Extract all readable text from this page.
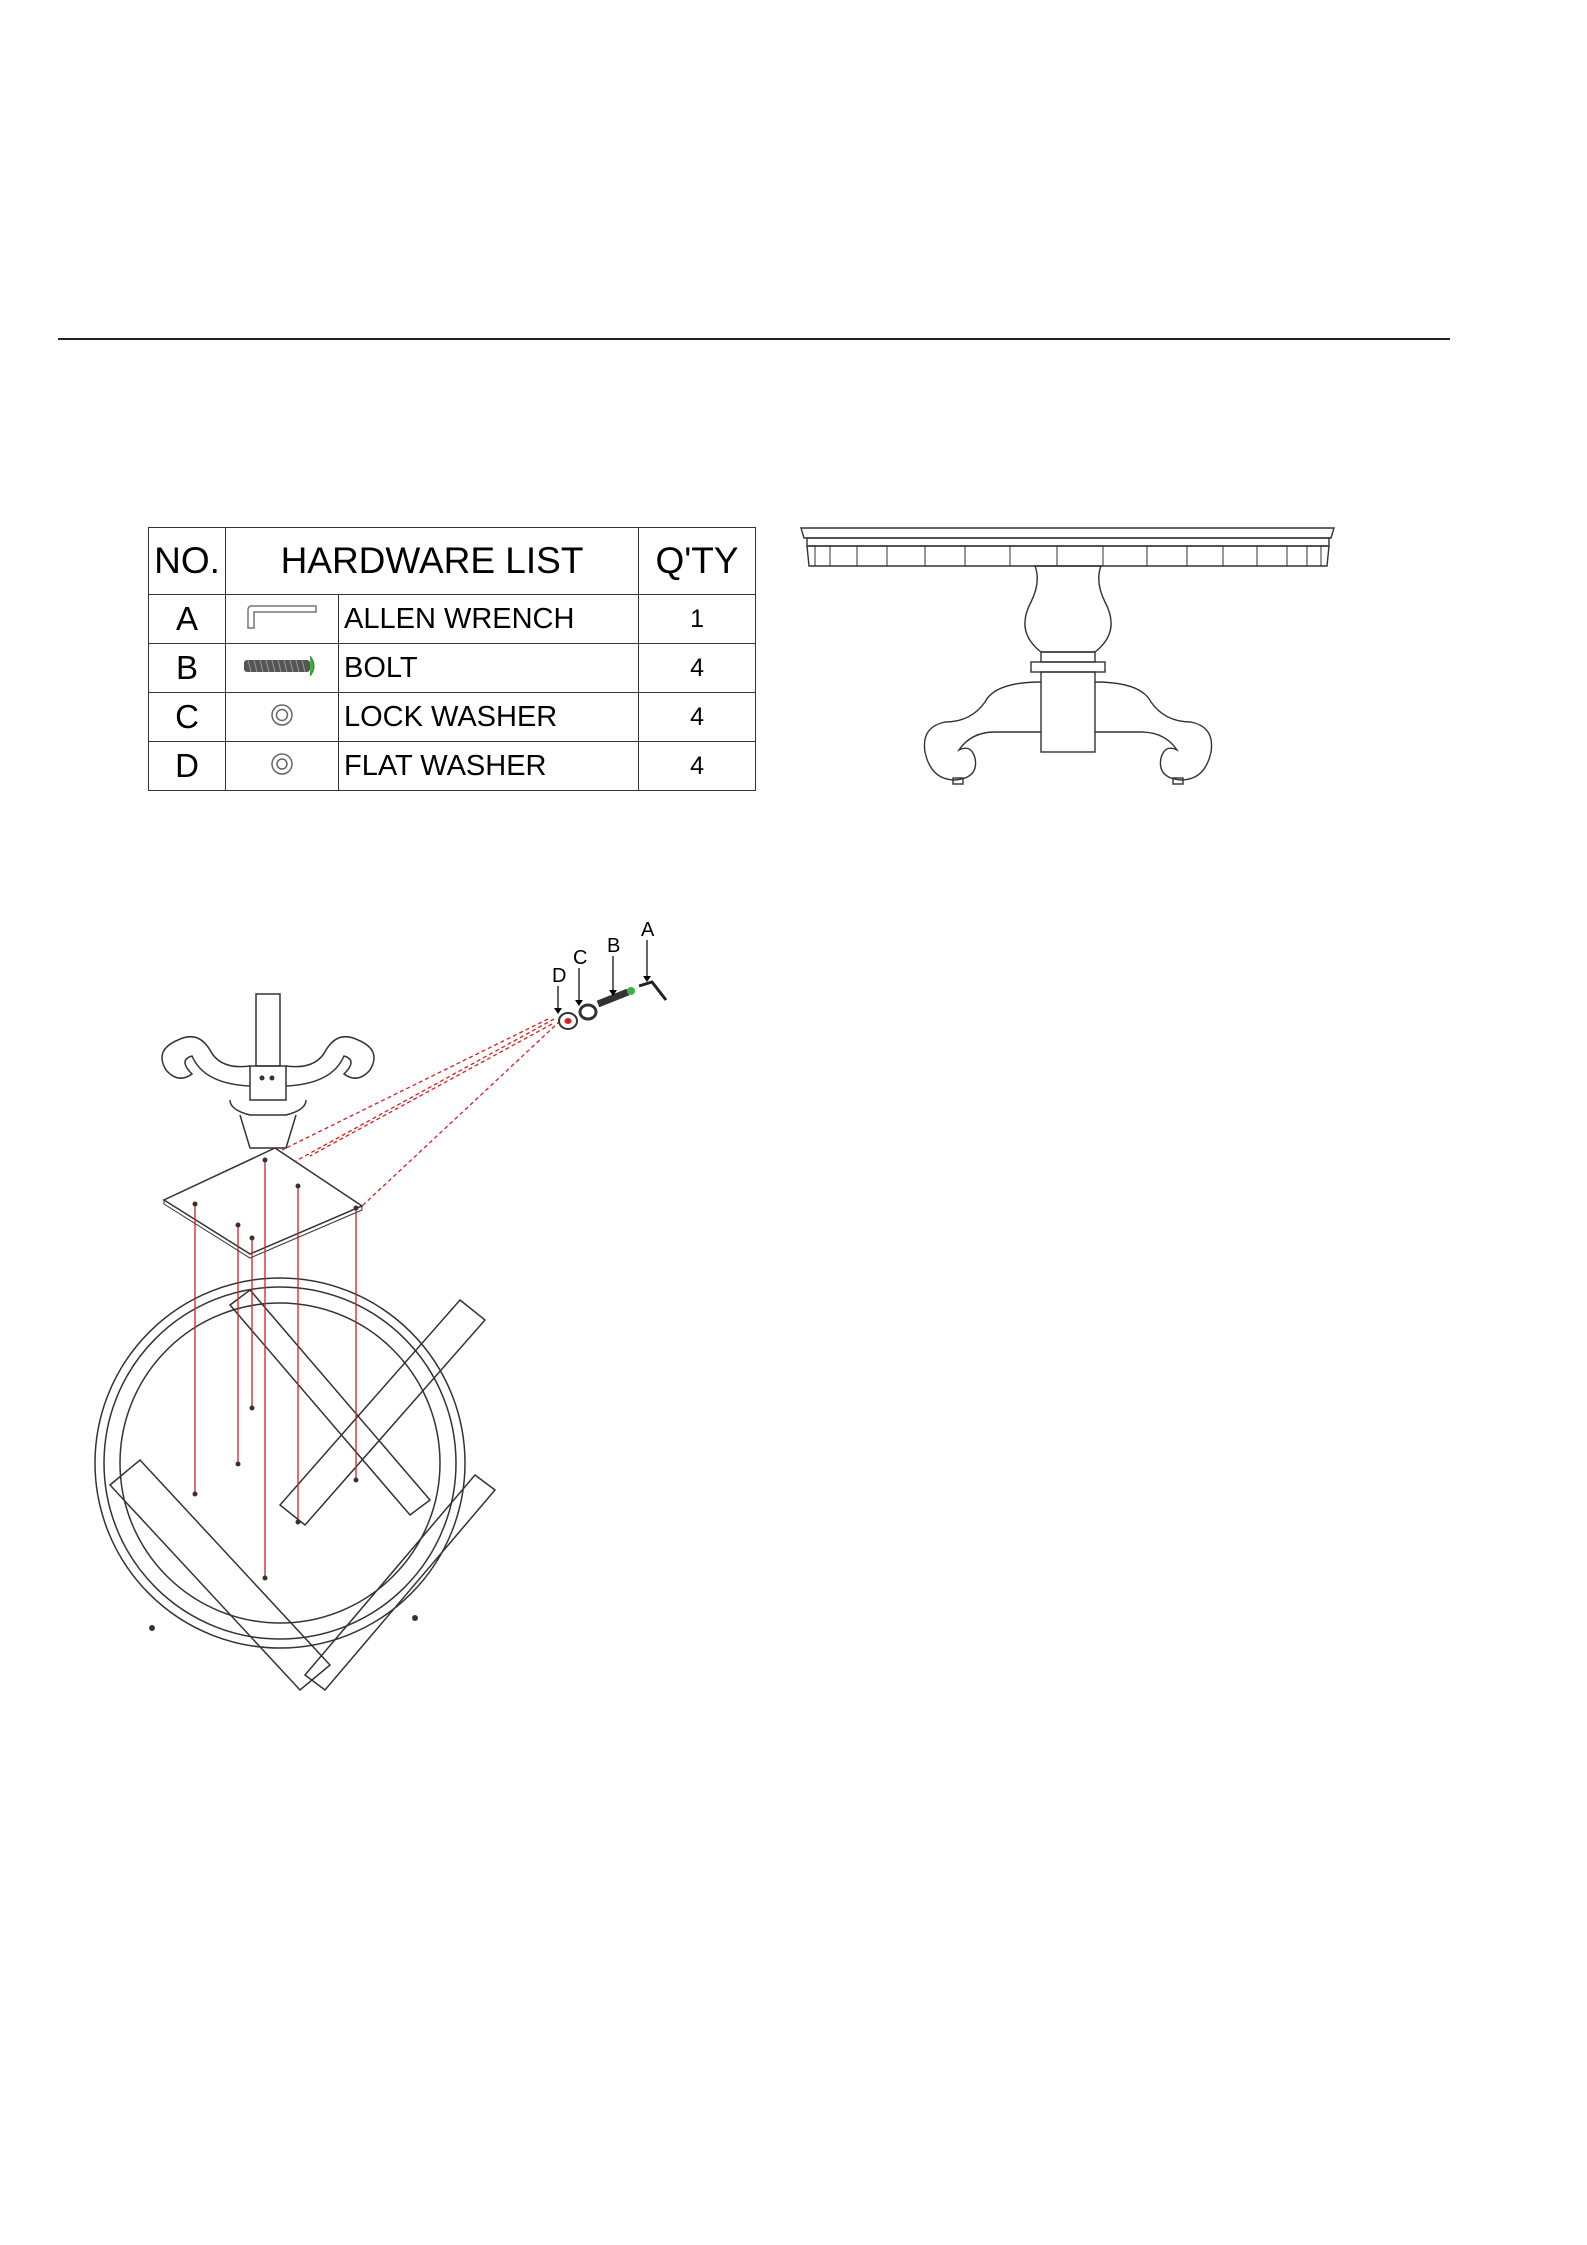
NO.	HARDWARE LIST		Q'TY
A		ALLEN WRENCH	1
B		BOLT	4
C		LOCK WASHER	4
D		FLAT WASHER	4
D
C
B
A
